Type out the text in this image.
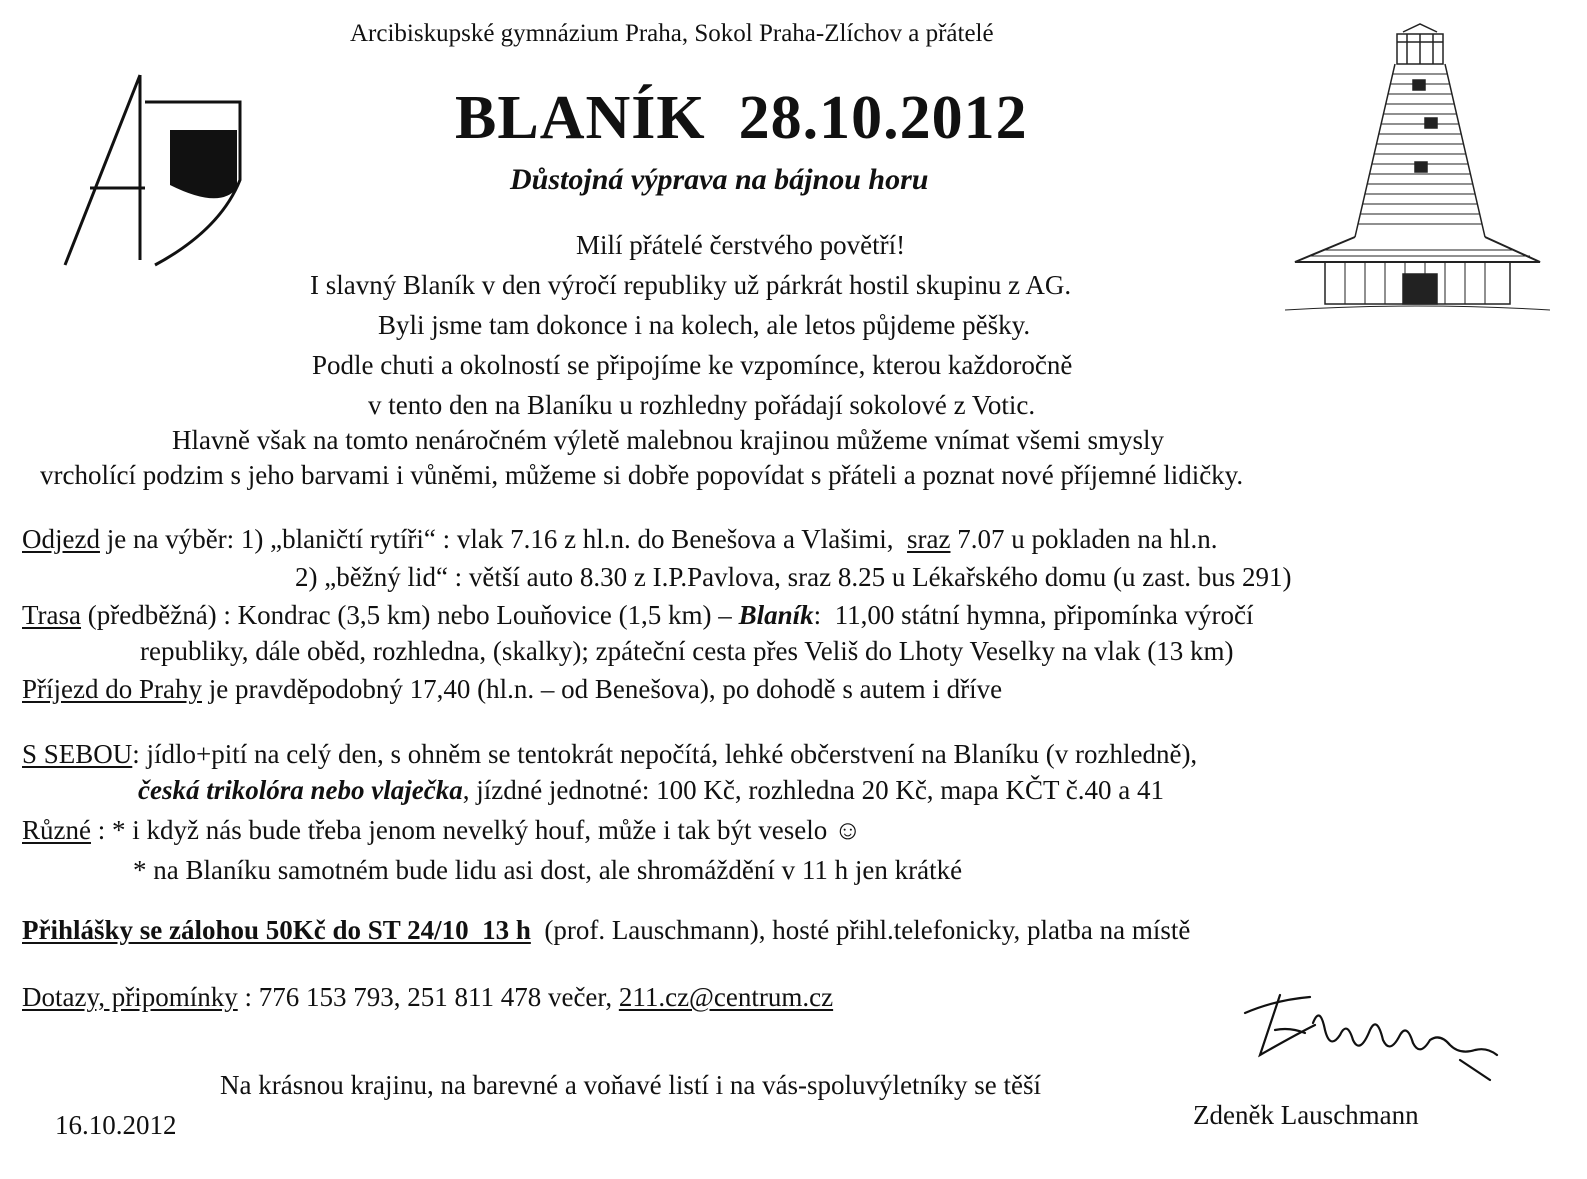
Arcibiskupské gymnázium Praha, Sokol Praha-Zlíchov a přátelé
BLANÍK  28.10.2012
Důstojná výprava na bájnou horu
Milí přátelé čerstvého povětří!
I slavný Blaník v den výročí republiky už párkrát hostil skupinu z AG.
Byli jsme tam dokonce i na kolech, ale letos půjdeme pěšky.
Podle chuti a okolností se připojíme ke vzpomínce, kterou každoročně
v tento den na Blaníku u rozhledny pořádají sokolové z Votic.
Hlavně však na tomto nenáročném výletě malebnou krajinou můžeme vnímat všemi smysly
vrcholící podzim s jeho barvami i vůněmi, můžeme si dobře popovídat s přáteli a poznat nové příjemné lidičky.
Odjezd je na výběr: 1) „blaničtí rytíři“ : vlak 7.16 z hl.n. do Benešova a Vlašimi, sraz 7.07 u pokladen na hl.n.
2) „běžný lid“ : větší auto 8.30 z I.P.Pavlova, sraz 8.25 u Lékařského domu (u zast. bus 291)
Trasa (předběžná) : Kondrac (3,5 km) nebo Louňovice (1,5 km) – Blaník:  11,00 státní hymna, připomínka výročí
republiky, dále oběd, rozhledna, (skalky); zpáteční cesta přes Veliš do Lhoty Veselky na vlak (13 km)
Příjezd do Prahy je pravděpodobný 17,40 (hl.n. – od Benešova), po dohodě s autem i dříve
S SEBOU: jídlo+pití na celý den, s ohněm se tentokrát nepočítá, lehké občerstvení na Blaníku (v rozhledně),
česká trikolóra nebo vlaječka, jízdné jednotné: 100 Kč, rozhledna 20 Kč, mapa KČT č.40 a 41
Různé : * i když nás bude třeba jenom nevelký houf, může i tak být veselo ☺
* na Blaníku samotném bude lidu asi dost, ale shromáždění v 11 h jen krátké
Přihlášky se zálohou 50Kč do ST 24/10  13 h  (prof. Lauschmann), hosté přihl.telefonicky, platba na místě
Dotazy, připomínky : 776 153 793, 251 811 478 večer, 211.cz@centrum.cz
Na krásnou krajinu, na barevné a voňavé listí i na vás-spoluvýletníky se těší
16.10.2012	Zdeněk Lauschmann
